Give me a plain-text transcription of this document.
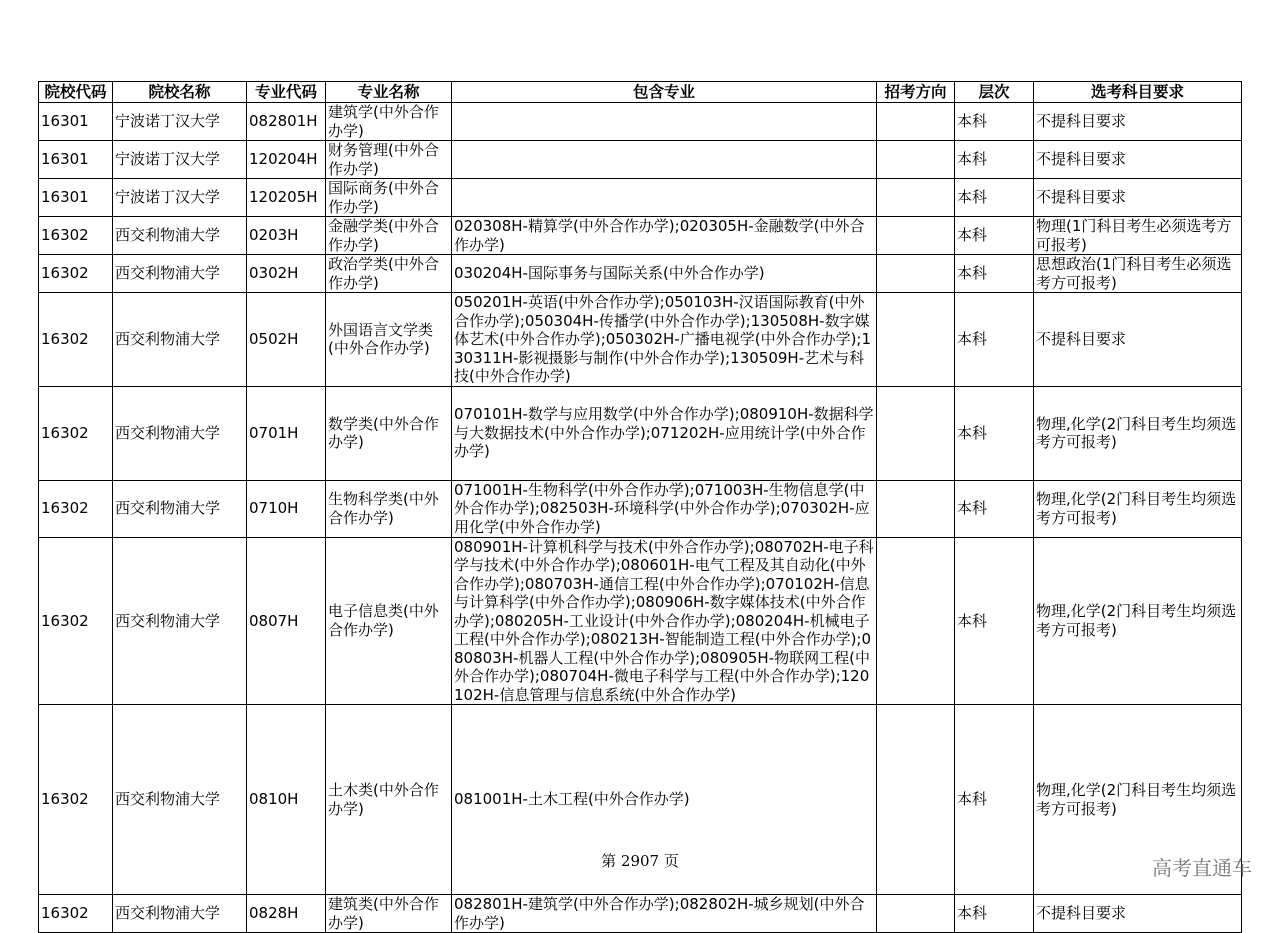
院校代码	院校名称	专业代码	专业名称	包含专业	招考方向	层次	选考科目要求
16301	宁波诺丁汉大学	082801H	建筑学(中外合作办学)			本科	不提科目要求
16301	宁波诺丁汉大学	120204H	财务管理(中外合作办学)			本科	不提科目要求
16301	宁波诺丁汉大学	120205H	国际商务(中外合作办学)			本科	不提科目要求
16302	西交利物浦大学	0203H	金融学类(中外合作办学)	020308H-精算学(中外合作办学);020305H-金融数学(中外合作办学)		本科	物理(1门科目考生必须选考方可报考)
16302	西交利物浦大学	0302H	政治学类(中外合作办学)	030204H-国际事务与国际关系(中外合作办学)		本科	思想政治(1门科目考生必须选考方可报考)
16302	西交利物浦大学	0502H	外国语言文学类(中外合作办学)	050201H-英语(中外合作办学);050103H-汉语国际教育(中外合作办学);050304H-传播学(中外合作办学);130508H-数字媒体艺术(中外合作办学);050302H-广播电视学(中外合作办学);130311H-影视摄影与制作(中外合作办学);130509H-艺术与科技(中外合作办学)		本科	不提科目要求
16302	西交利物浦大学	0701H	数学类(中外合作办学)	070101H-数学与应用数学(中外合作办学);080910H-数据科学与大数据技术(中外合作办学);071202H-应用统计学(中外合作办学)		本科	物理,化学(2门科目考生均须选考方可报考)
16302	西交利物浦大学	0710H	生物科学类(中外合作办学)	071001H-生物科学(中外合作办学);071003H-生物信息学(中外合作办学);082503H-环境科学(中外合作办学);070302H-应用化学(中外合作办学)		本科	物理,化学(2门科目考生均须选考方可报考)
16302	西交利物浦大学	0807H	电子信息类(中外合作办学)	080901H-计算机科学与技术(中外合作办学);080702H-电子科学与技术(中外合作办学);080601H-电气工程及其自动化(中外合作办学);080703H-通信工程(中外合作办学);070102H-信息与计算科学(中外合作办学);080906H-数字媒体技术(中外合作办学);080205H-工业设计(中外合作办学);080204H-机械电子工程(中外合作办学);080213H-智能制造工程(中外合作办学);080803H-机器人工程(中外合作办学);080905H-物联网工程(中外合作办学);080704H-微电子科学与工程(中外合作办学);120102H-信息管理与信息系统(中外合作办学)		本科	物理,化学(2门科目考生均须选考方可报考)
16302	西交利物浦大学	0810H	土木类(中外合作办学)	081001H-土木工程(中外合作办学)		本科	物理,化学(2门科目考生均须选考方可报考)
16302	西交利物浦大学	0828H	建筑类(中外合作办学)	082801H-建筑学(中外合作办学);082802H-城乡规划(中外合作办学)		本科	不提科目要求
第 2907 页	高考直通车
